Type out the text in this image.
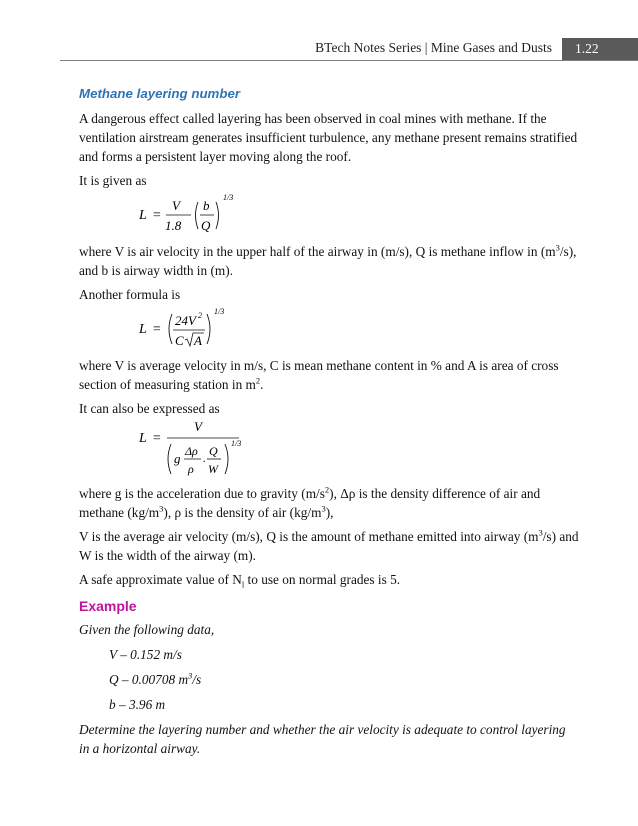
BTech Notes Series | Mine Gases and Dusts	1.22
Methane layering number

A dangerous effect called layering has been observed in coal mines with methane. If the ventilation airstream generates insufficient turbulence, any methane present remains stratified and forms a persistent layer moving along the roof.

It is given as

L =
V
1.8
b
Q
1/3

where V is air velocity in the upper half of the airway in (m/s), Q is methane inflow in $(m^3/s)$, and b is airway width in (m).

Another formula is

L =
24V 2
C A
1/3

where V is average velocity in m/s, C is mean methane content in % and A is area of cross section of measuring station in $m^2$.

It can also be expressed as

L =
V
g Δρ
ρ
. Q
W
1/3

where g is the acceleration due to gravity $(m/s^2)$, Δρ is the density difference of air and methane $(kg/m^3)$, ρ is the density of air $(kg/m^3)$,

V is the average air velocity (m/s), Q is the amount of methane emitted into airway $(m^3/s)$ and W is the width of the airway (m).

A safe approximate value of $N_l$ to use on normal grades is 5.

Example

Given the following data,

V – 0.152 m/s

Q – 0.00708 $m^3/s$

b – 3.96 m

Determine the layering number and whether the air velocity is adequate to control layering in a horizontal airway.
